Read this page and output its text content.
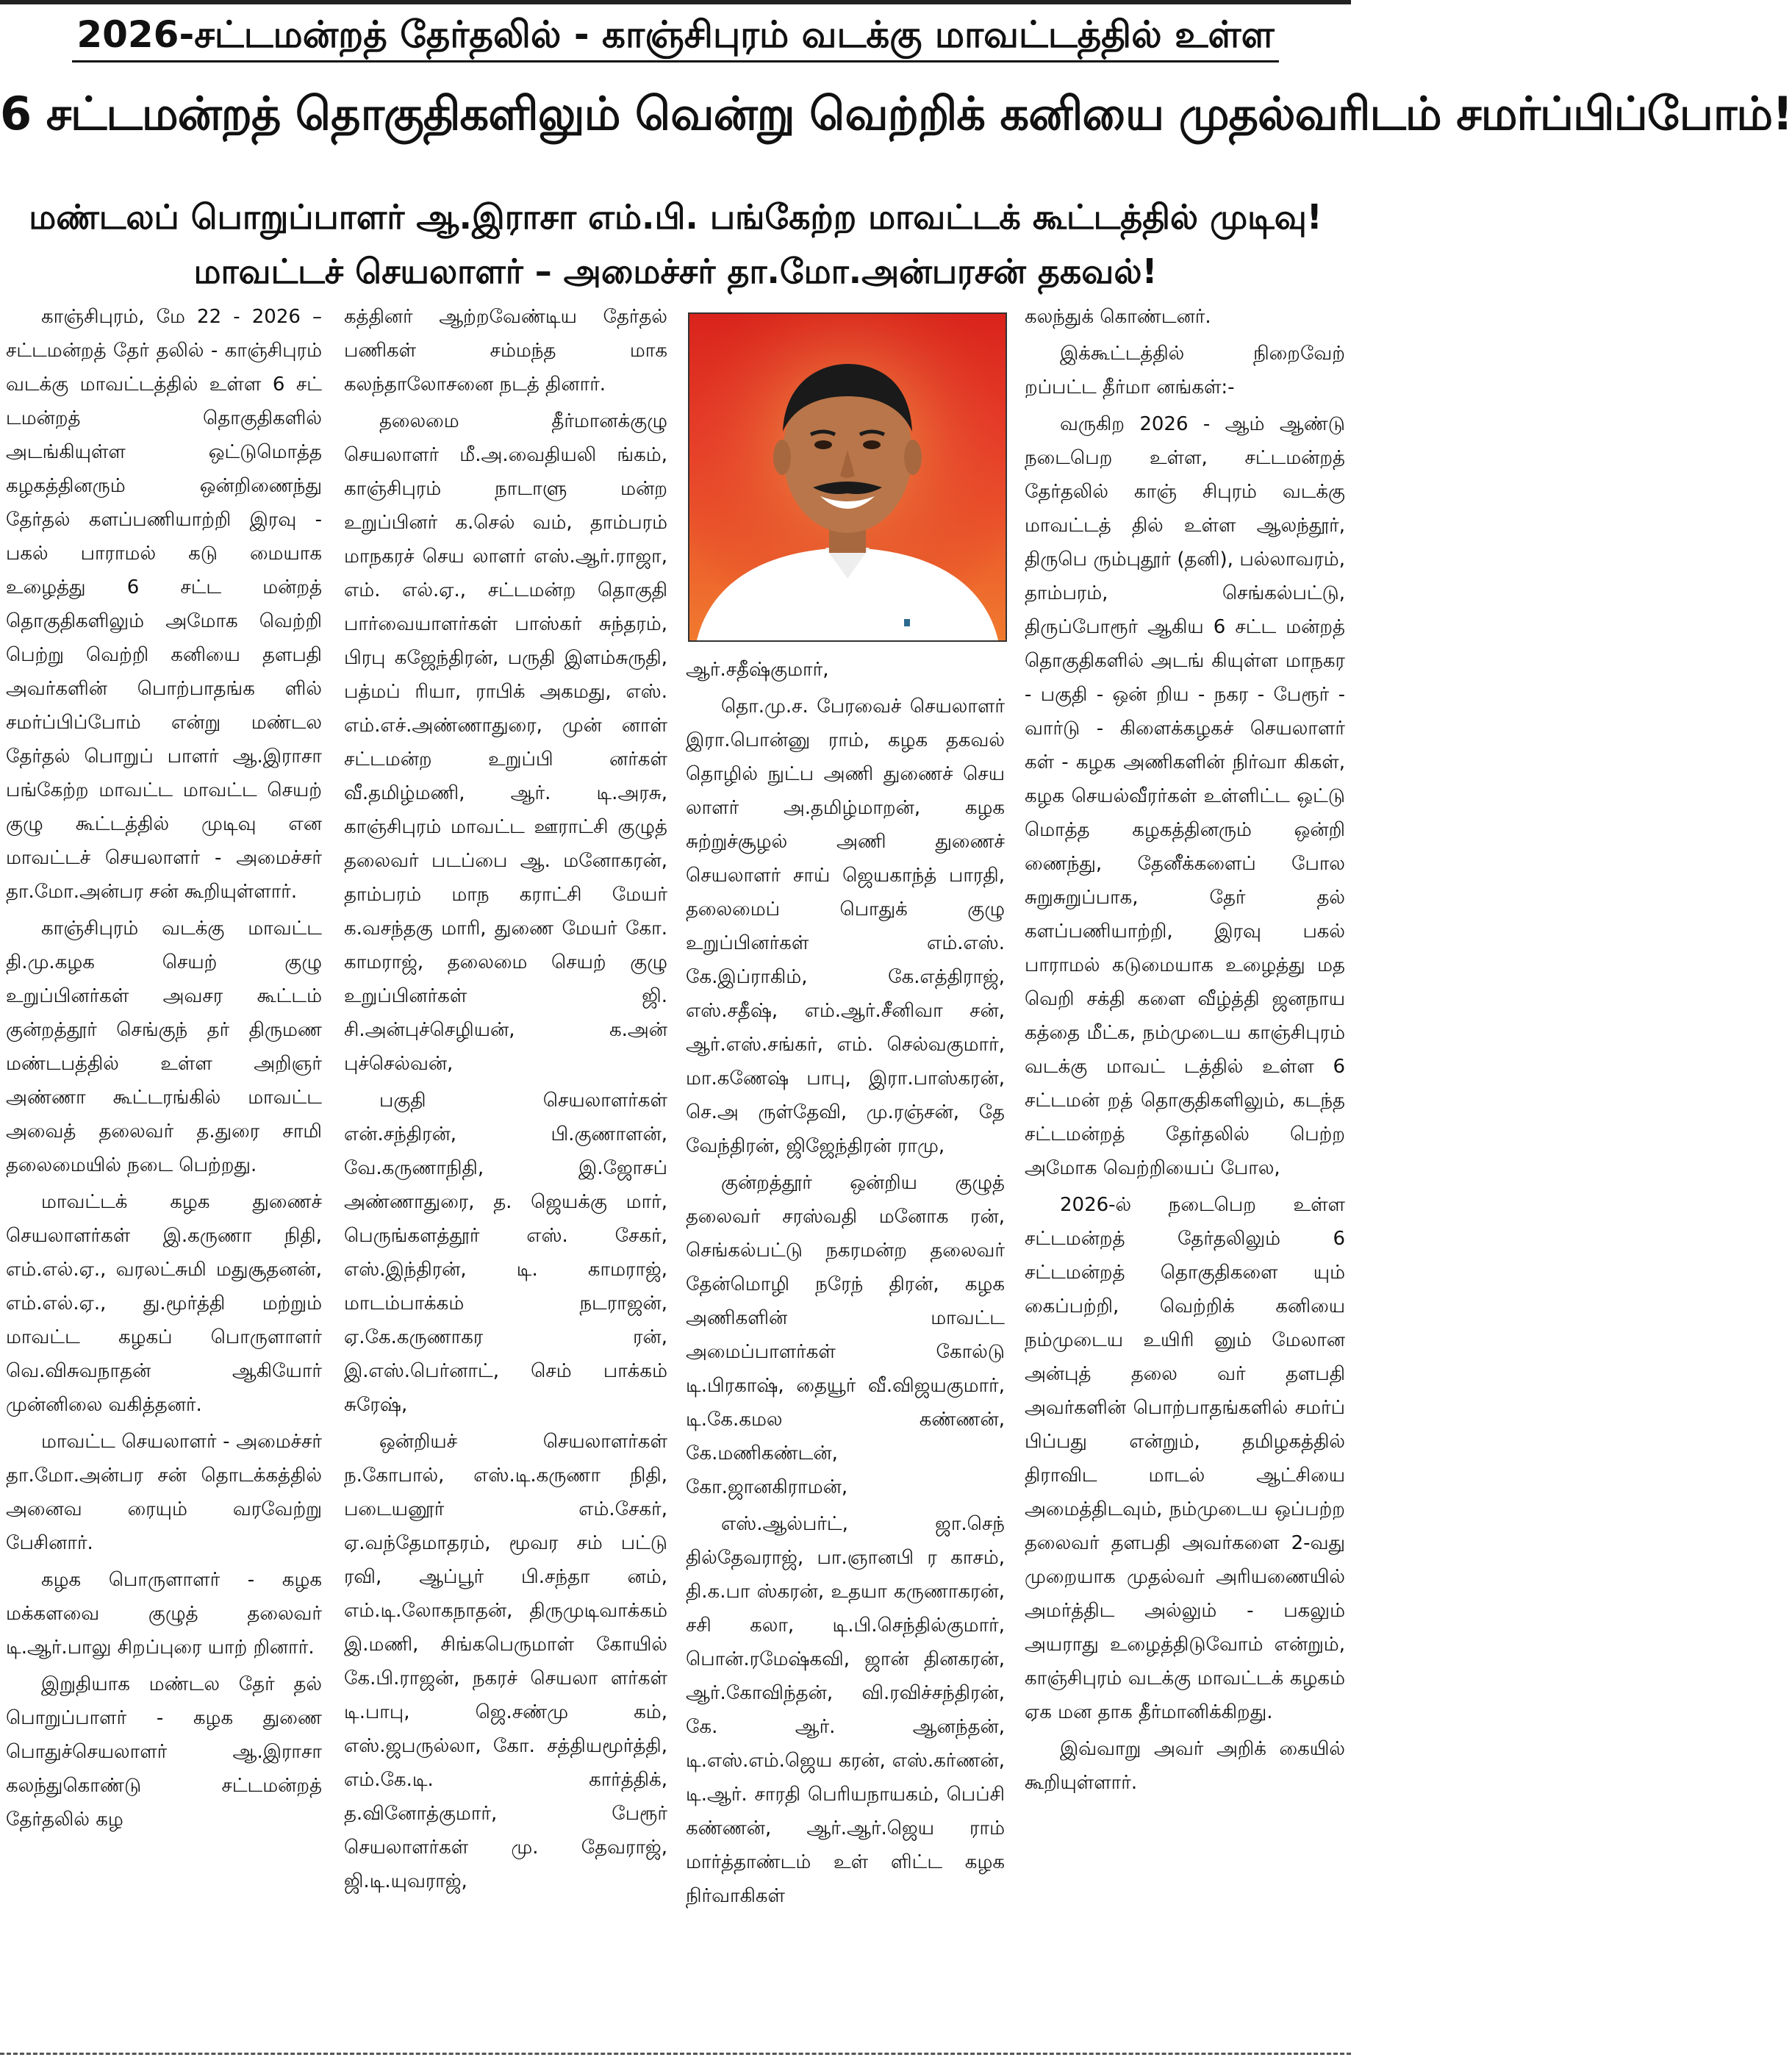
2026-சட்டமன்றத் தேர்தலில் - காஞ்சிபுரம் வடக்கு மாவட்டத்தில் உள்ள
6 சட்டமன்றத் தொகுதிகளிலும் வென்று வெற்றிக் கனியை முதல்வரிடம் சமர்ப்பிப்போம்!
மண்டலப் பொறுப்பாளர் ஆ.இராசா எம்.பி. பங்கேற்ற மாவட்டக் கூட்டத்தில் முடிவு!
மாவட்டச் செயலாளர் – அமைச்சர் தா.மோ.அன்பரசன் தகவல்!

காஞ்சிபுரம், மே 22 - 2026 – சட்டமன்றத் தேர் தலில் - காஞ்சிபுரம் வடக்கு மாவட்டத்தில் உள்ள 6 சட் டமன்றத் தொகுதிகளில் அடங்கியுள்ள ஒட்டுமொத்த கழகத்தினரும் ஒன்றிணைந்து தேர்தல் களப்பணியாற்றி இரவு - பகல் பாராமல் கடு மையாக உழைத்து 6 சட்ட மன்றத் தொகுதிகளிலும் அமோக வெற்றி பெற்று வெற்றி கனியை தளபதி அவர்களின் பொற்பாதங்க ளில் சமர்ப்பிப்போம் என்று மண்டல தேர்தல் பொறுப் பாளர் ஆ.இராசா பங்கேற்ற மாவட்ட மாவட்ட செயற் குழு கூட்டத்தில் முடிவு என மாவட்டச் செயலாளர் - அமைச்சர் தா.மோ.அன்பர சன் கூறியுள்ளார்.

காஞ்சிபுரம் வடக்கு மாவட்ட தி.மு.கழக செயற் குழு உறுப்பினர்கள் அவசர கூட்டம் குன்றத்தூர் செங்குந் தர் திருமண மண்டபத்தில் உள்ள அறிஞர் அண்ணா கூட்டரங்கில் மாவட்ட அவைத் தலைவர் த.துரை சாமி தலைமையில் நடை பெற்றது.

மாவட்டக் கழக துணைச் செயலாளர்கள் இ.கருணா நிதி, எம்.எல்.ஏ., வரலட்சுமி மதுசூதனன், எம்.எல்.ஏ., து.மூர்த்தி மற்றும் மாவட்ட கழகப் பொருளாளர் வெ.விசுவநாதன் ஆகியோர் முன்னிலை வகித்தனர்.

மாவட்ட செயலாளர் - அமைச்சர் தா.மோ.அன்பர சன் தொடக்கத்தில் அனைவ ரையும் வரவேற்று பேசினார்.

கழக பொருளாளர் - கழக மக்களவை குழுத் தலைவர் டி.ஆர்.பாலு சிறப்புரை யாற் றினார்.

இறுதியாக மண்டல தேர் தல் பொறுப்பாளர் - கழக துணை பொதுச்செயலாளர் ஆ.இராசா கலந்துகொண்டு சட்டமன்றத் தேர்தலில் கழ

கத்தினர் ஆற்றவேண்டிய தேர்தல் பணிகள் சம்மந்த மாக கலந்தாலோசனை நடத் தினார்.

தலைமை தீர்மானக்குழு செயலாளர் மீ.அ.வைதியலி ங்கம், காஞ்சிபுரம் நாடாளு மன்ற உறுப்பினர் க.செல் வம், தாம்பரம் மாநகரச் செய லாளர் எஸ்.ஆர்.ராஜா, எம். எல்.ஏ., சட்டமன்ற தொகுதி பார்வையாளர்கள் பாஸ்கர் சுந்தரம், பிரபு கஜேந்திரன், பருதி இளம்சுருதி, பத்மப் ரியா, ராபிக் அகமது, எஸ். எம்.எச்.அண்ணாதுரை, முன் னாள் சட்டமன்ற உறுப்பி னர்கள் வீ.தமிழ்மணி, ஆர். டி.அரசு, காஞ்சிபுரம் மாவட்ட ஊராட்சி குழுத் தலைவர் படப்பை ஆ. மனோகரன், தாம்பரம் மாந கராட்சி மேயர் க.வசந்தகு மாரி, துணை மேயர் கோ. காமராஜ், தலைமை செயற் குழு உறுப்பினர்கள் ஜி. சி.அன்புச்செழியன், க.அன் புச்செல்வன்,

பகுதி செயலாளர்கள் என்.சந்திரன், பி.குணாளன், வே.கருணாநிதி, இ.ஜோசப் அண்ணாதுரை, த. ஜெயக்கு மார், பெருங்களத்தூர் எஸ். சேகர், எஸ்.இந்திரன், டி. காமராஜ், மாடம்பாக்கம் நடராஜன், ஏ.கே.கருணாகர ரன், இ.எஸ்.பெர்னாட், செம் பாக்கம் சுரேஷ்,

ஒன்றியச் செயலாளர்கள் ந.கோபால், எஸ்.டி.கருணா நிதி, படையனூர் எம்.சேகர், ஏ.வந்தேமாதரம், மூவர சம் பட்டு ரவி, ஆப்பூர் பி.சந்தா னம், எம்.டி.லோகநாதன், திருமுடிவாக்கம் இ.மணி, சிங்கபெருமாள் கோயில் கே.பி.ராஜன், நகரச் செயலா ளர்கள் டி.பாபு, ஜெ.சண்மு கம், எஸ்.ஜபருல்லா, கோ. சத்தியமூர்த்தி, எம்.கே.டி. கார்த்திக், த.வினோத்குமார், பேரூர் செயலாளர்கள் மு. தேவராஜ், ஜி.டி.யுவராஜ்,

ஆர்.சதீஷ்குமார்,

தொ.மு.ச. பேரவைச் செயலாளர் இரா.பொன்னு ராம், கழக தகவல் தொழில் நுட்ப அணி துணைச் செய லாளர் அ.தமிழ்மாறன், கழக சுற்றுச்சூழல் அணி துணைச் செயலாளர் சாய் ஜெயகாந்த் பாரதி, தலைமைப் பொதுக் குழு உறுப்பினர்கள் எம்.எஸ். கே.இப்ராகிம், கே.எத்திராஜ், எஸ்.சதீஷ், எம்.ஆர்.சீனிவா சன், ஆர்.எஸ்.சங்கர், எம். செல்வகுமார், மா.கணேஷ் பாபு, இரா.பாஸ்கரன், செ.அ ருள்தேவி, மு.ரஞ்சன், தே வேந்திரன், ஜிஜேந்திரன் ராமு,

குன்றத்தூர் ஒன்றிய குழுத் தலைவர் சரஸ்வதி மனோக ரன், செங்கல்பட்டு நகரமன்ற தலைவர் தேன்மொழி நரேந் திரன், கழக அணிகளின் மாவட்ட அமைப்பாளர்கள் கோல்டு டி.பிரகாஷ், தையூர் வீ.விஜயகுமார், டி.கே.கமல கண்ணன், கே.மணிகண்டன், கோ.ஜானகிராமன்,

எஸ்.ஆல்பர்ட், ஜா.செந் தில்தேவராஜ், பா.ஞானபி ர காசம், தி.க.பா ஸ்கரன், உதயா கருணாகரன், சசி கலா, டி.பி.செந்தில்குமார், பொன்.ரமேஷ்கவி, ஜான் தினகரன், ஆர்.கோவிந்தன், வி.ரவிச்சந்திரன், கே. ஆர். ஆனந்தன், டி.எஸ்.எம்.ஜெய கரன், எஸ்.கர்ணன், டி.ஆர். சாரதி பெரியநாயகம், பெப்சி கண்ணன், ஆர்.ஆர்.ஜெய ராம் மார்த்தாண்டம் உள் ளிட்ட கழக நிர்வாகிகள்

கலந்துக் கொண்டனர்.

இக்கூட்டத்தில் நிறைவேற் றப்பட்ட தீர்மா னங்கள்:-

வருகிற 2026 - ஆம் ஆண்டு நடைபெற உள்ள, சட்டமன்றத் தேர்தலில் காஞ் சிபுரம் வடக்கு மாவட்டத் தில் உள்ள ஆலந்தூர், திருபெ ரும்புதூர் (தனி), பல்லாவரம், தாம்பரம், செங்கல்பட்டு, திருப்போரூர் ஆகிய 6 சட்ட மன்றத் தொகுதிகளில் அடங் கியுள்ள மாநகர - பகுதி - ஒன் றிய - நகர - பேரூர் - வார்டு - கிளைக்கழகச் செயலாளர் கள் - கழக அணிகளின் நிர்வா கிகள், கழக செயல்வீரர்கள் உள்ளிட்ட ஒட்டு மொத்த கழகத்தினரும் ஒன்றி ணைந்து, தேனீக்களைப் போல சுறுசுறுப்பாக, தேர் தல் களப்பணியாற்றி, இரவு பகல் பாராமல் கடுமையாக உழைத்து மத வெறி சக்தி களை வீழ்த்தி ஜனநாய கத்தை மீட்க, நம்முடைய காஞ்சிபுரம் வடக்கு மாவட் டத்தில் உள்ள 6 சட்டமன் றத் தொகுதிகளிலும், கடந்த சட்டமன்றத் தேர்தலில் பெற்ற அமோக வெற்றியைப் போல,

2026-ல் நடைபெற உள்ள சட்டமன்றத் தேர்தலிலும் 6 சட்டமன்றத் தொகுதிகளை யும் கைப்பற்றி, வெற்றிக் கனியை நம்முடைய உயிரி னும் மேலான அன்புத் தலை வர் தளபதி அவர்களின் பொற்பாதங்களில் சமர்ப் பிப்பது என்றும், தமிழகத்தில் திராவிட மாடல் ஆட்சியை அமைத்திடவும், நம்முடைய ஒப்பற்ற தலைவர் தளபதி அவர்களை 2-வது முறையாக முதல்வர் அரியணையில் அமர்த்திட அல்லும் - பகலும் அயராது உழைத்திடுவோம் என்றும், காஞ்சிபுரம் வடக்கு மாவட்டக் கழகம் ஏக மன தாக தீர்மானிக்கிறது.

இவ்வாறு அவர் அறிக் கையில் கூறியுள்ளார்.
